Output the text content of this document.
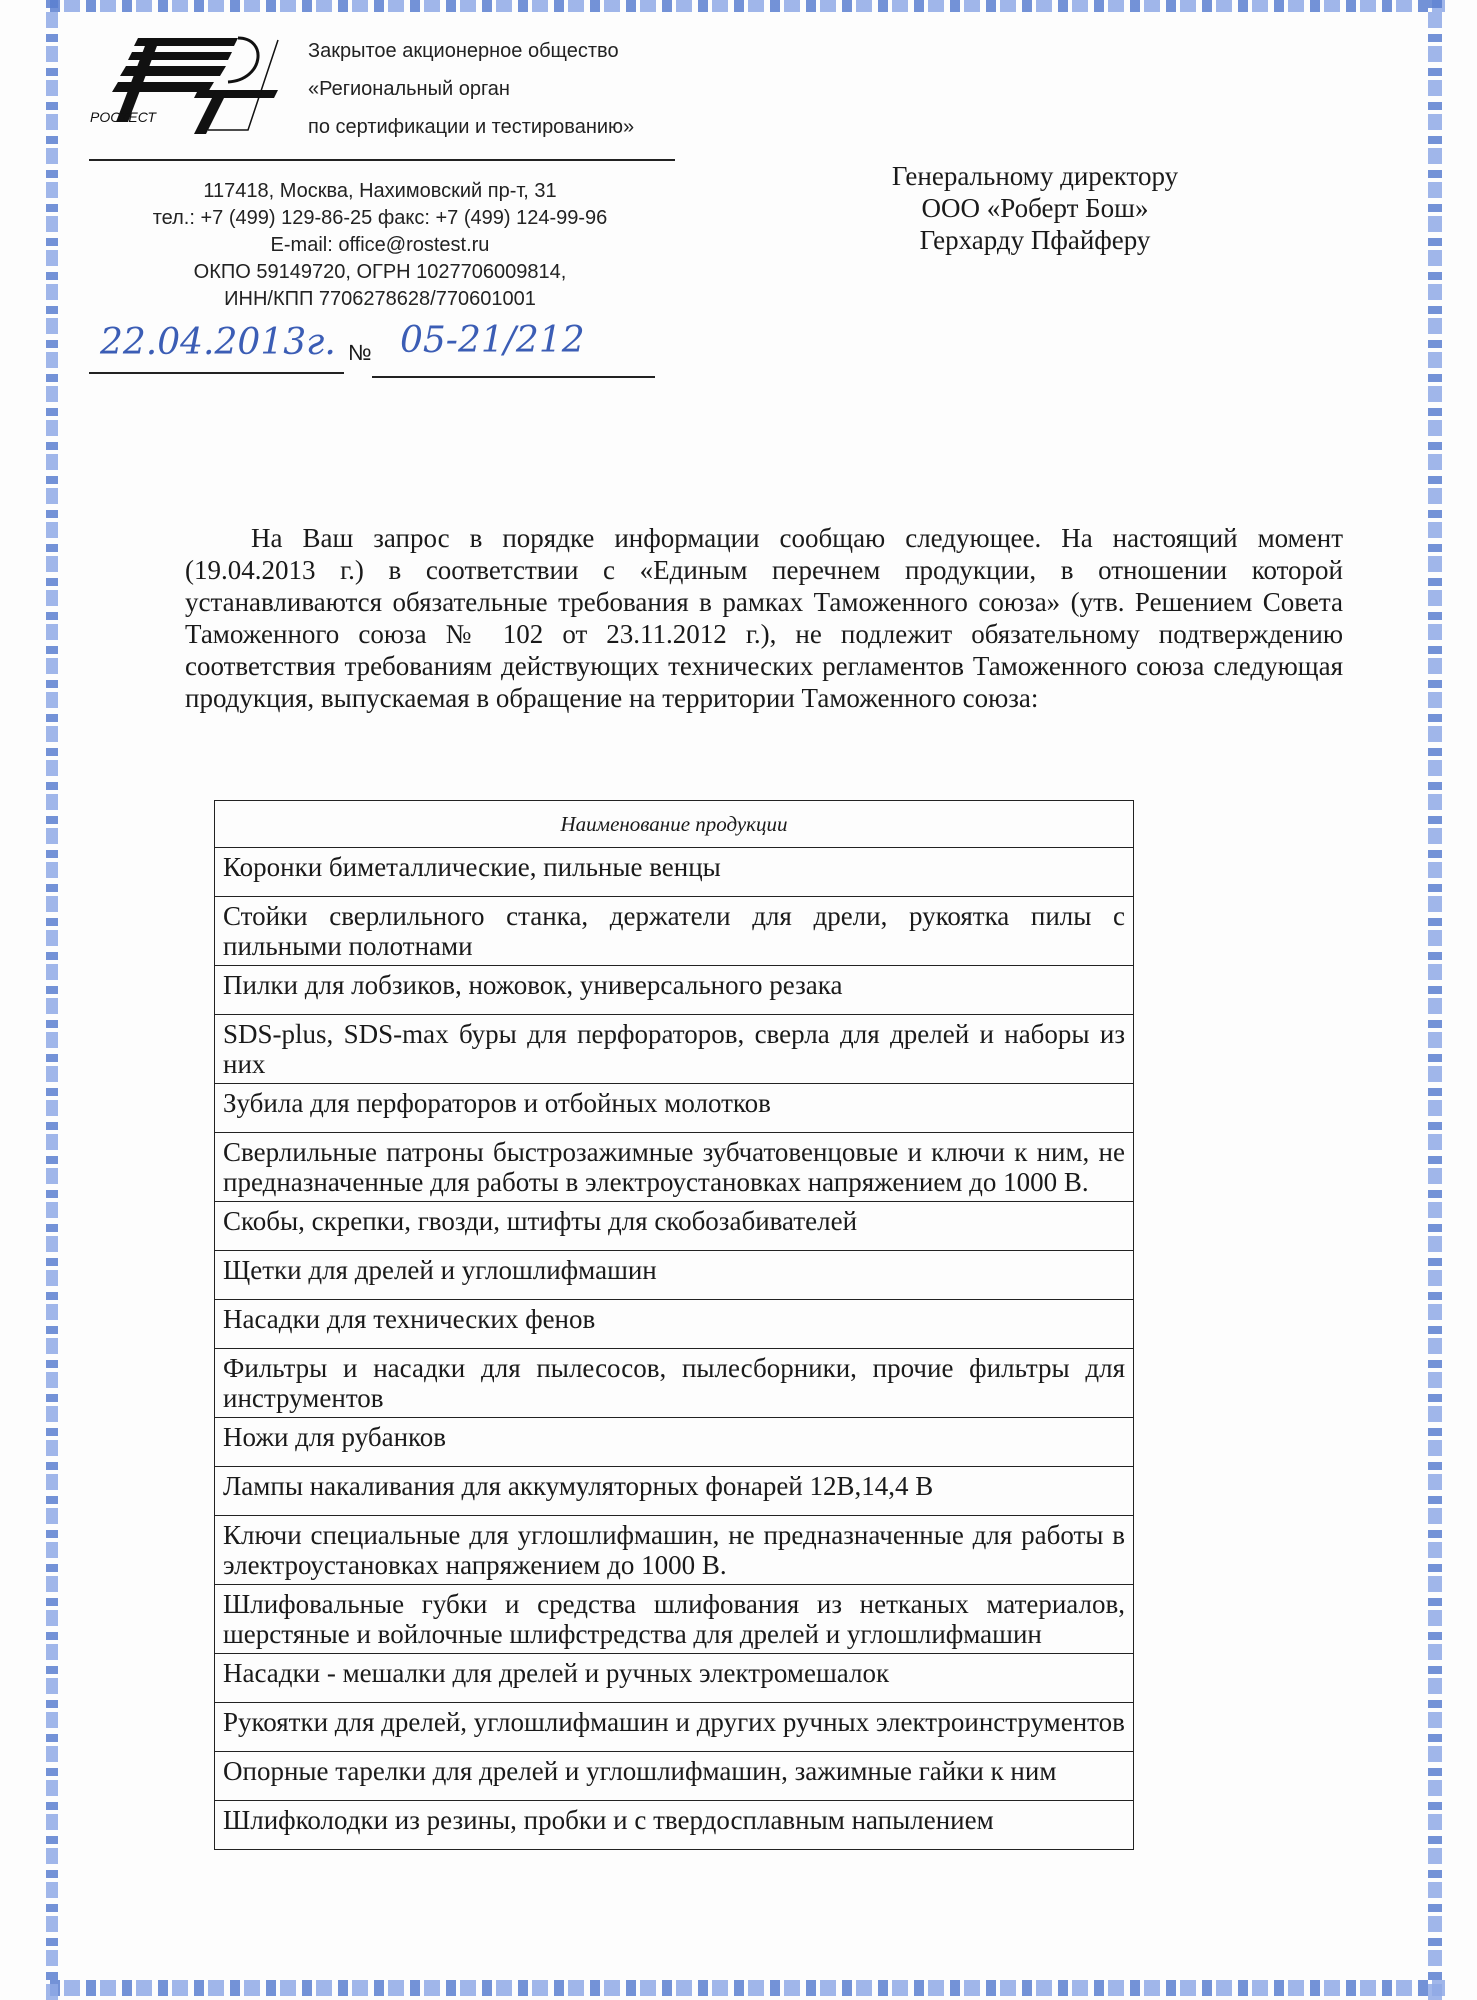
РОСТЕСТ
Закрытое акционерное общество
«Региональный орган
по сертификации и тестированию»
117418, Москва, Нахимовский пр-т, 31
тел.: +7 (499) 129-86-25 факс: +7 (499) 124-99-96
E-mail: office@rostest.ru
ОКПО 59149720, ОГРН 1027706009814,
ИНН/КПП 7706278628/770601001
22.04.2013г. № 05-21/212
Генеральному директору
ООО «Роберт Бош»
Герхарду Пфайферу
На Ваш запрос в порядке информации сообщаю следующее. На настоящий момент (19.04.2013 г.) в соответствии с «Единым перечнем продукции, в отношении которой устанавливаются обязательные требования в рамках Таможенного союза» (утв. Решением Совета Таможенного союза № 102 от 23.11.2012 г.), не подлежит обязательному подтверждению соответствия требованиям действующих технических регламентов Таможенного союза следующая продукция, выпускаемая в обращение на территории Таможенного союза:
Наименование продукции
Коронки биметаллические, пильные венцы
Стойки сверлильного станка, держатели для дрели, рукоятка пилы с пильными полотнами
Пилки для лобзиков, ножовок, универсального резака
SDS-plus, SDS-max буры для перфораторов, сверла для дрелей и наборы из них
Зубила для перфораторов и отбойных молотков
Сверлильные патроны быстрозажимные зубчатовенцовые и ключи к ним, не предназначенные для работы в электроустановках напряжением до 1000 В.
Скобы, скрепки, гвозди, штифты для скобозабивателей
Щетки для дрелей и углошлифмашин
Насадки для технических фенов
Фильтры и насадки для пылесосов, пылесборники, прочие фильтры для инструментов
Ножи для рубанков
Лампы накаливания для аккумуляторных фонарей 12В,14,4 В
Ключи специальные для углошлифмашин, не предназначенные для работы в электроустановках напряжением до 1000 В.
Шлифовальные губки и средства шлифования из нетканых материалов, шерстяные и войлочные шлифстредства для дрелей и углошлифмашин
Насадки - мешалки для дрелей и ручных электромешалок
Рукоятки для дрелей, углошлифмашин и других ручных электроинструментов
Опорные тарелки для дрелей и углошлифмашин, зажимные гайки к ним
Шлифколодки из резины, пробки и с твердосплавным напылением
